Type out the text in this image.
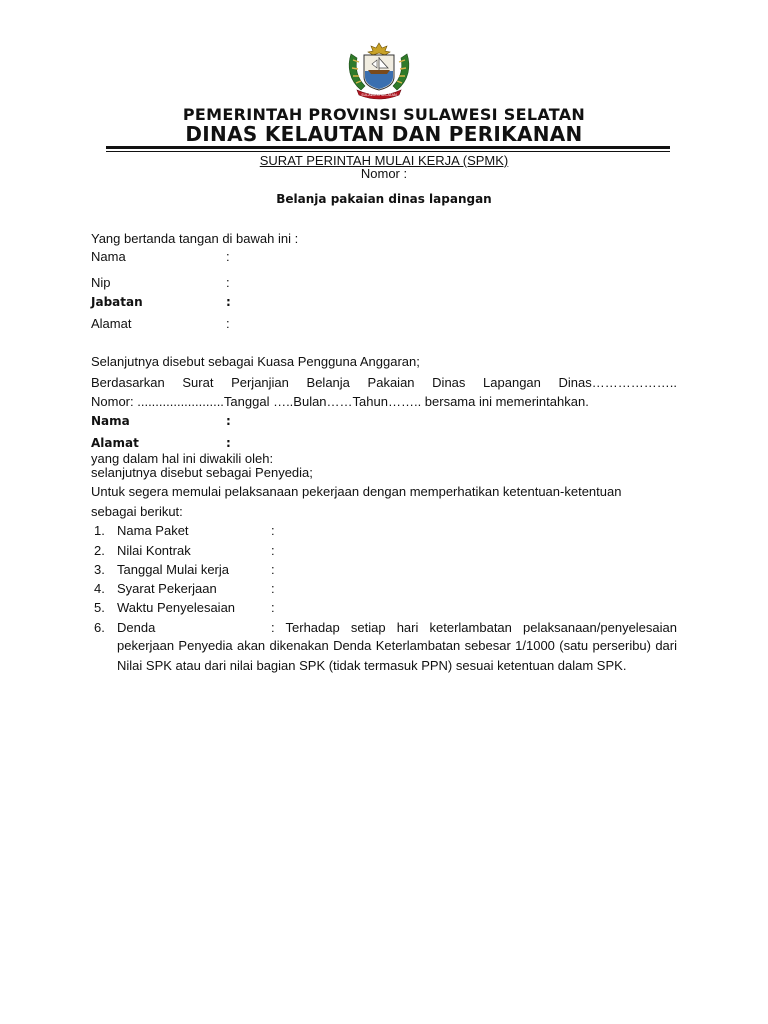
SULAWESI SELATAN
PEMERINTAH PROVINSI SULAWESI SELATAN
DINAS KELAUTAN DAN PERIKANAN
SURAT PERINTAH MULAI KERJA (SPMK)
Nomor :
Belanja pakaian dinas lapangan
Yang bertanda tangan di bawah ini :
Nama	:
Nip	:
Jabatan	:
Alamat	:
Selanjutnya disebut sebagai Kuasa Pengguna Anggaran;
Berdasarkan Surat Perjanjian Belanja Pakaian Dinas Lapangan Dinas………………..
Nomor: ........................Tanggal …..Bulan……Tahun…….. bersama ini memerintahkan.
Nama	:
Alamat	:
yang dalam hal ini diwakili oleh:
selanjutnya disebut sebagai Penyedia;
Untuk segera memulai pelaksanaan pekerjaan dengan memperhatikan ketentuan-ketentuan
sebagai berikut:
1. Nama Paket	:
2. Nilai Kontrak	:
3. Tanggal Mulai kerja	:
4. Syarat Pekerjaan	:
5. Waktu Penyelesaian	:
6. Denda	: Terhadap setiap hari keterlambatan pelaksanaan/penyelesaian
pekerjaan Penyedia akan dikenakan Denda Keterlambatan sebesar 1/1000 (satu perseribu) dari Nilai SPK atau dari nilai bagian SPK (tidak termasuk PPN) sesuai ketentuan dalam SPK.
